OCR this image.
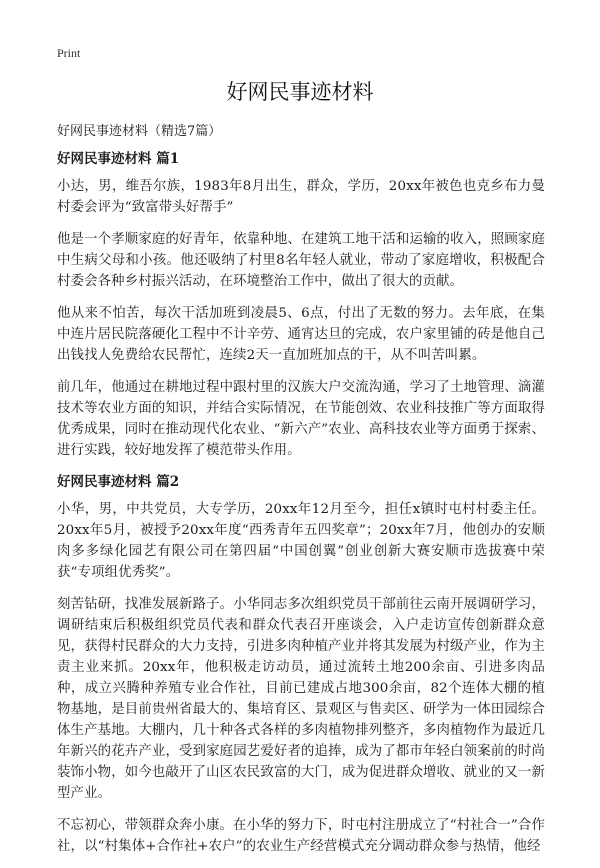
Print
好网民事迹材料

好网民事迹材料（精选7篇）

好网民事迹材料 篇1

小达，男，维吾尔族，1983年8月出生，群众，学历，20xx年被色也克乡布力曼村委会评为“致富带头好帮手”

他是一个孝顺家庭的好青年，依靠种地、在建筑工地干活和运输的收入，照顾家庭中生病父母和小孩。他还吸纳了村里8名年轻人就业，带动了家庭增收，积极配合村委会各种乡村振兴活动，在环境整治工作中，做出了很大的贡献。

他从来不怕苦，每次干活加班到凌晨5、6点，付出了无数的努力。去年底，在集中连片居民院落硬化工程中不计辛劳、通宵达旦的完成，农户家里铺的砖是他自己出钱找人免费给农民帮忙，连续2天一直加班加点的干，从不叫苦叫累。

前几年，他通过在耕地过程中跟村里的汉族大户交流沟通，学习了土地管理、滴灌技术等农业方面的知识，并结合实际情况，在节能创效、农业科技推广等方面取得优秀成果，同时在推动现代化农业、“新六产”农业、高科技农业等方面勇于探索、进行实践，较好地发挥了模范带头作用。

好网民事迹材料 篇2

小华，男，中共党员，大专学历，20xx年12月至今，担任x镇时屯村村委主任。20xx年5月，被授予20xx年度“西秀青年五四奖章”；20xx年7月，他创办的安顺肉多多绿化园艺有限公司在第四届“中国创翼”创业创新大赛安顺市选拔赛中荣获“专项组优秀奖”。

刻苦钻研，找准发展新路子。小华同志多次组织党员干部前往云南开展调研学习，调研结束后积极组织党员代表和群众代表召开座谈会，入户走访宣传创新群众意见，获得村民群众的大力支持，引进多肉种植产业并将其发展为村级产业，作为主责主业来抓。20xx年，他积极走访动员，通过流转土地200余亩、引进多肉品种，成立兴腾种养殖专业合作社，目前已建成占地300余亩，82个连体大棚的植物基地，是目前贵州省最大的、集培育区、景观区与售卖区、研学为一体田园综合体生产基地。大棚内，几十种各式各样的多肉植物排列整齐，多肉植物作为最近几年新兴的花卉产业，受到家庭园艺爱好者的追捧，成为了都市年轻白领案前的时尚装饰小物，如今也敲开了山区农民致富的大门，成为促进群众增收、就业的又一新型产业。

不忘初心，带领群众奔小康。在小华的努力下，时屯村注册成立了“村社合一”合作社，以“村集体+合作社+农户”的农业生产经营模式充分调动群众参与热情，他经
